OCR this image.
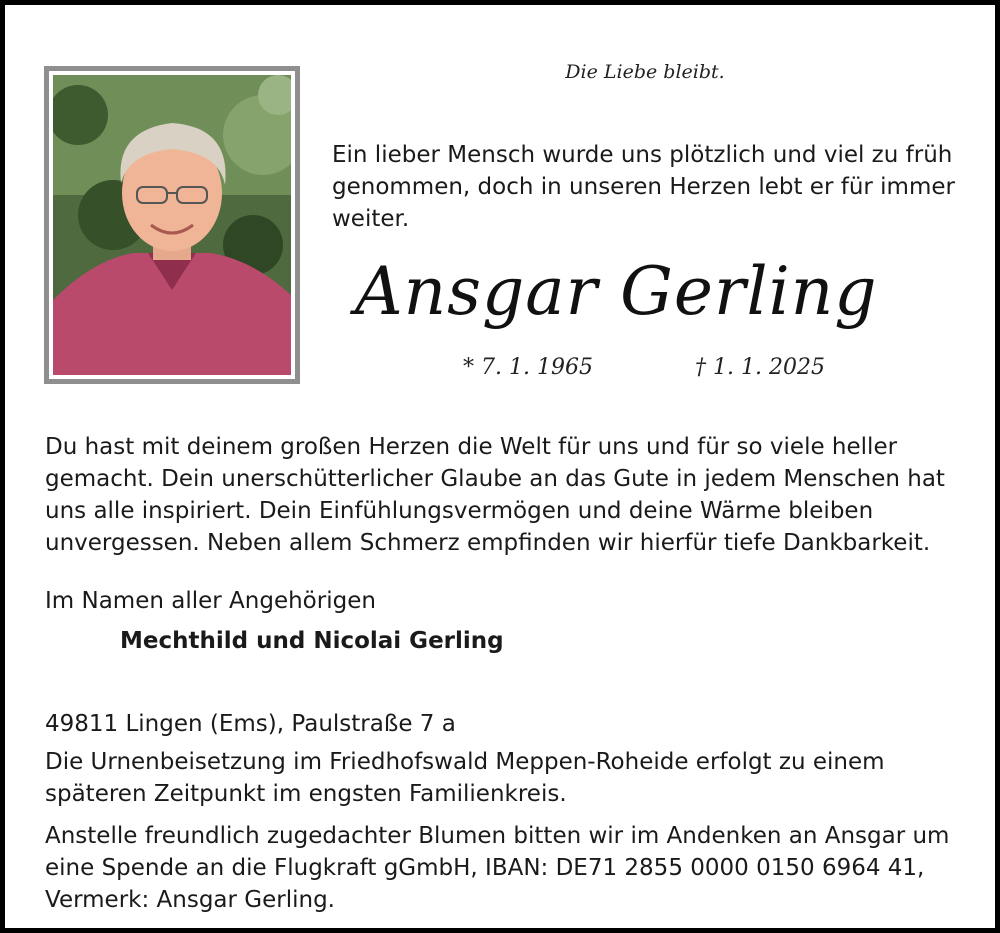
Die Liebe bleibt.
Ein lieber Mensch wurde uns plötzlich und viel zu früh genommen, doch in unseren Herzen lebt er für immer weiter.
Ansgar Gerling
* 7. 1. 1965	† 1. 1. 2025
Du hast mit deinem großen Herzen die Welt für uns und für so viele heller gemacht. Dein unerschütterlicher Glaube an das Gute in jedem Menschen hat uns alle inspiriert. Dein Einfühlungsvermögen und deine Wärme bleiben unvergessen. Neben allem Schmerz empfinden wir hierfür tiefe Dankbarkeit.
Im Namen aller Angehörigen
Mechthild und Nicolai Gerling
49811 Lingen (Ems), Paulstraße 7 a
Die Urnenbeisetzung im Friedhofswald Meppen-Roheide erfolgt zu einem späteren Zeitpunkt im engsten Familienkreis.
Anstelle freundlich zugedachter Blumen bitten wir im Andenken an Ansgar um eine Spende an die Flugkraft gGmbH, IBAN: DE71 2855 0000 0150 6964 41, Vermerk: Ansgar Gerling.
